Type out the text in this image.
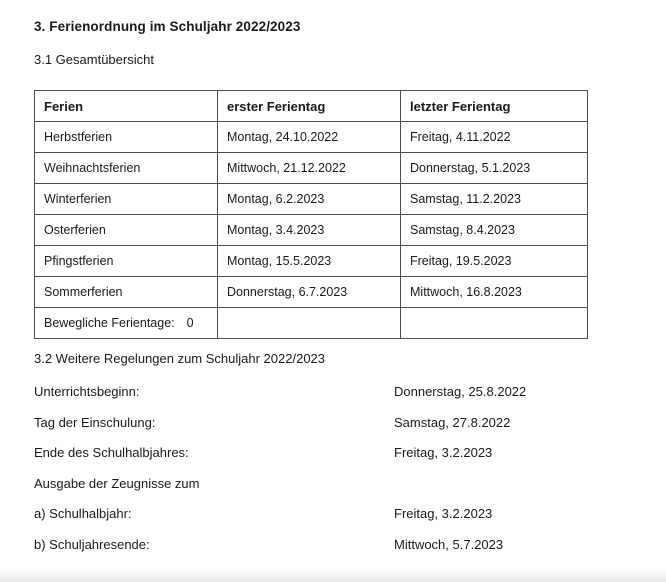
3. Ferienordnung im Schuljahr 2022/2023
3.1 Gesamtübersicht
Ferien	erster Ferientag	letzter Ferientag
Herbstferien	Montag, 24.10.2022	Freitag, 4.11.2022
Weihnachtsferien	Mittwoch, 21.12.2022	Donnerstag, 5.1.2023
Winterferien	Montag, 6.2.2023	Samstag, 11.2.2023
Osterferien	Montag, 3.4.2023	Samstag, 8.4.2023
Pfingstferien	Montag, 15.5.2023	Freitag, 19.5.2023
Sommerferien	Donnerstag, 6.7.2023	Mittwoch, 16.8.2023
Bewegliche Ferientage: 0		
3.2 Weitere Regelungen zum Schuljahr 2022/2023
Unterrichtsbeginn:	Donnerstag, 25.8.2022
Tag der Einschulung:	Samstag, 27.8.2022
Ende des Schulhalbjahres:	Freitag, 3.2.2023
Ausgabe der Zeugnisse zum
a) Schulhalbjahr:	Freitag, 3.2.2023
b) Schuljahresende:	Mittwoch, 5.7.2023
